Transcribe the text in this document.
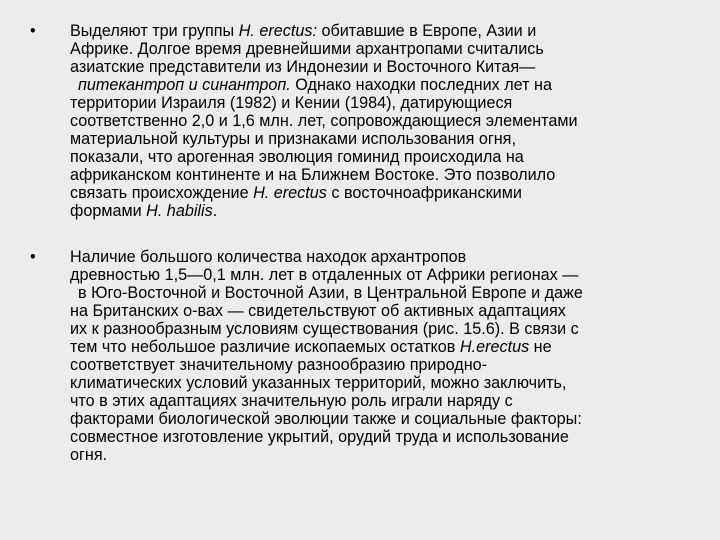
•	Выделяют три группы H. erectus: обитавшие в Европе, Азии и
Африке. Долгое время древнейшими архантропами считались
азиатские представители из Индонезии и Восточного Китая—
питекантроп и синантроп. Однако находки последних лет на
территории Израиля (1982) и Кении (1984), датирующиеся
соответственно 2,0 и 1,6 млн. лет, сопровождающиеся элементами
материальной культуры и признаками использования огня,
показали, что арогенная эволюция гоминид происходила на
африканском континенте и на Ближнем Востоке. Это позволило
связать происхождение H. erectus с восточноафриканскими
формами H. habilis.
•	Наличие большого количества находок архантропов
древностью 1,5—0,1 млн. лет в отдаленных от Африки регионах —
в Юго-Восточной и Восточной Азии, в Центральной Европе и даже
на Британских о-вах — свидетельствуют об активных адаптациях
их к разнообразным условиям существования (рис. 15.6). В связи с
тем что небольшое различие ископаемых остатков H.erectus не
соответствует значительному разнообразию природно-
климатических условий указанных территорий, можно заключить,
что в этих адаптациях значительную роль играли наряду с
факторами биологической эволюции также и социальные факторы:
совместное изготовление укрытий, орудий труда и использование
огня.
